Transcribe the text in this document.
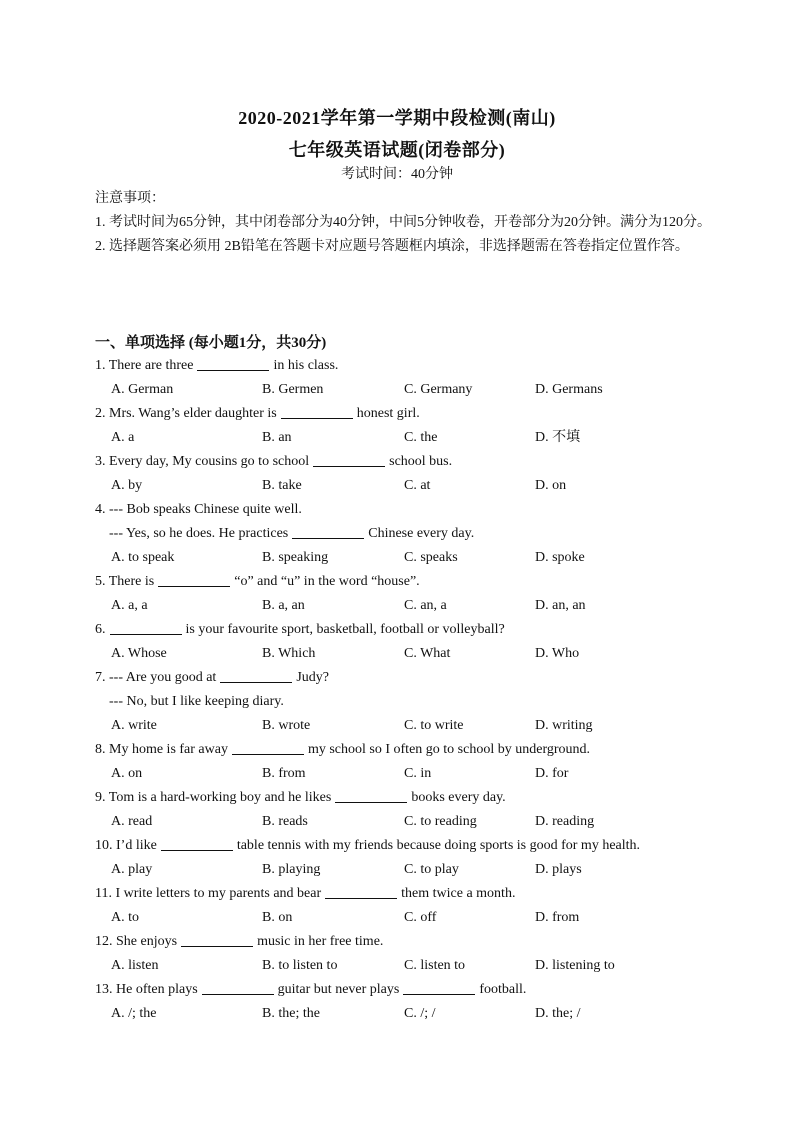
2020-2021学年第一学期中段检测(南山)
七年级英语试题(闭卷部分)
考试时间：40分钟

注意事项：

1. 考试时间为65分钟，其中闭卷部分为40分钟，中间5分钟收卷，开卷部分为20分钟。满分为120分。

2. 选择题答案必须用 2B铅笔在答题卡对应题号答题框内填涂，非选择题需在答卷指定位置作答。

一、单项选择 (每小题1分，共30分)
1. There are three	in his class.
A. German	B. Germen	C. Germany	D. Germans
2. Mrs. Wang’s elder daughter is	honest girl.
A. a	B. an	C. the	D. 不填
3. Every day, My cousins go to school	school bus.
A. by	B. take	C. at	D. on
4. --- Bob speaks Chinese quite well.
--- Yes, so he does. He practices	Chinese every day.
A. to speak	B. speaking	C. speaks	D. spoke
5. There is	“o” and “u” in the word “house”.
A. a, a	B. a, an	C. an, a	D. an, an
6.	is your favourite sport, basketball, football or volleyball?
A. Whose	B. Which	C. What	D. Who
7. --- Are you good at	Judy?
--- No, but I like keeping diary.
A. write	B. wrote	C. to write	D. writing
8. My home is far away	my school so I often go to school by underground.
A. on	B. from	C. in	D. for
9. Tom is a hard-working boy and he likes	books every day.
A. read	B. reads	C. to reading	D. reading
10. I’d like	table tennis with my friends because doing sports is good for my health.
A. play	B. playing	C. to play	D. plays
11. I write letters to my parents and bear	them twice a month.
A. to	B. on	C. off	D. from
12. She enjoys	music in her free time.
A. listen	B. to listen to	C. listen to	D. listening to
13. He often plays	guitar but never plays	football.
A. /; the	B. the; the	C. /; /	D. the; /
